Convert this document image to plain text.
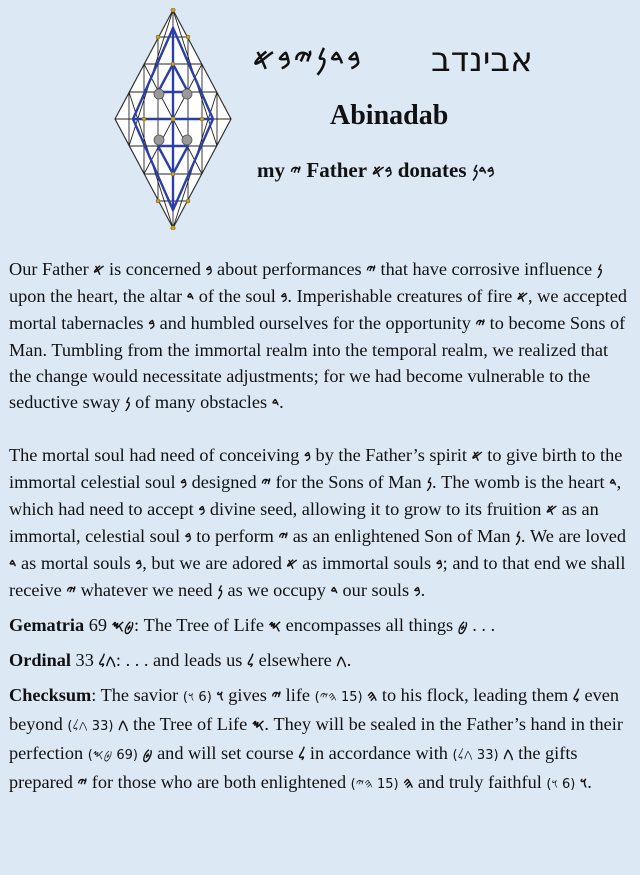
𐤁𐤃𐤍𐤉𐤁𐤀 אבינדב
Abinadab
my 𐤉 Father 𐤁𐤀 donates 𐤁𐤃𐤍

Our Father 𐤀 is concerned 𐤁 about performances 𐤉 that have corrosive influence 𐤍 upon the heart, the altar 𐤃 of the soul 𐤁. Imperishable creatures of fire 𐤀, we accepted mortal tabernacles 𐤁 and humbled ourselves for the opportunity 𐤉 to become Sons of Man. Tumbling from the immortal realm into the temporal realm, we realized that the change would necessitate adjustments; for we had become vulnerable to the seductive sway 𐤍 of many obstacles 𐤃.

The mortal soul had need of conceiving 𐤁 by the Father’s spirit 𐤀 to give birth to the immortal celestial soul 𐤁 designed 𐤉 for the Sons of Man 𐤍. The womb is the heart 𐤃, which had need to accept 𐤁 divine seed, allowing it to grow to its fruition 𐤀 as an immortal, celestial soul 𐤁 to perform 𐤉 as an enlightened Son of Man 𐤍. We are loved 𐤃 as mortal souls 𐤁, but we are adored 𐤀 as immortal souls 𐤁; and to that end we shall receive 𐤉 whatever we need 𐤍 as we occupy 𐤃 our souls 𐤁.

Gematria 69 𐤈𐤎: The Tree of Life 𐤎 encompasses all things 𐤈 . . .

Ordinal 33 𐤂𐤋: . . . and leads us 𐤋 elsewhere 𐤂.

Checksum: The savior	𐤅 (6 𐤅) gives 𐤉 life	𐤄 (15 𐤄𐤉) to his flock, leading them 𐤋 even beyond	𐤂 (33 𐤂𐤋) the Tree of Life 𐤎. They will be sealed in the Father’s hand in their perfection	𐤈 (69 𐤈𐤎) and will set course 𐤋 in accordance with	𐤂 (33 𐤂𐤋) the gifts prepared 𐤉 for those who are both enlightened	𐤄 (15 𐤄𐤉) and truly faithful	𐤅 (6 𐤅) .
